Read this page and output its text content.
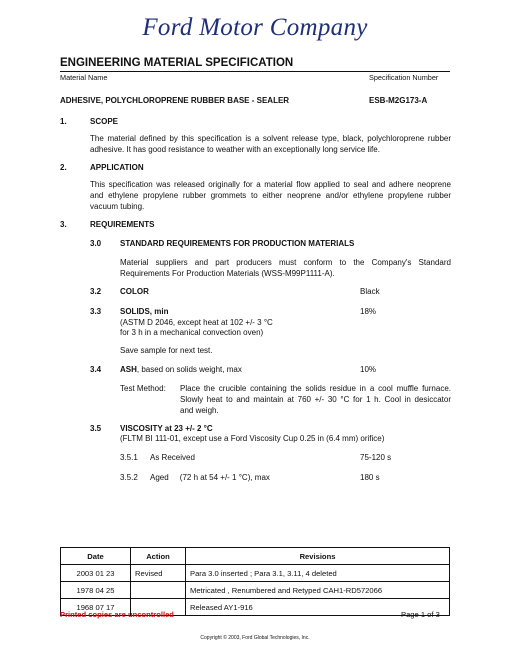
Ford Motor Company
ENGINEERING MATERIAL SPECIFICATION
Material Name	Specification Number
ADHESIVE, POLYCHLOROPRENE RUBBER BASE - SEALER	ESB-M2G173-A
1.	SCOPE
The material defined by this specification is a solvent release type, black, polychloroprene rubber
adhesive. It has good resistance to weather with an exceptionally long service life.
2.	APPLICATION
This specification was released originally for a material flow applied to seal and adhere neoprene
and ethylene propylene rubber grommets to either neoprene and/or ethylene propylene rubber
vacuum tubing.
3.	REQUIREMENTS
3.0 STANDARD REQUIREMENTS FOR PRODUCTION MATERIALS
Material suppliers and part producers must conform to the Company's Standard
Requirements For Production Materials (WSS-M99P1111-A).
3.2 COLOR	Black
3.3 SOLIDS, min	18%
(ASTM D 2046, except heat at 102 +/- 3 °C
for 3 h in a mechanical convection oven)
Save sample for next test.
3.4 ASH, based on solids weight, max	10%
Test Method: Place the crucible containing the solids residue in a cool muffle furnace.
Slowly heat to and maintain at 760 +/- 30 °C for 1 h. Cool in desiccator
and weigh.
3.5 VISCOSITY at 23 +/- 2 °C
(FLTM BI 111-01, except use a Ford Viscosity Cup 0.25 in (6.4 mm) orifice)
3.5.1 As Received	75-120 s
3.5.2 Aged     (72 h at 54 +/- 1 °C), max	180 s
Date	Action	Revisions
2003 01 23	Revised	Para 3.0 inserted ; Para 3.1, 3.11, 4 deleted
1978 04 25		Metricated , Renumbered and Retyped CAH1-RD572066
1968 07 17		Released AY1-916
Printed copies are uncontrolled	Page 1 of 3
Copyright © 2003, Ford Global Technologies, Inc.
